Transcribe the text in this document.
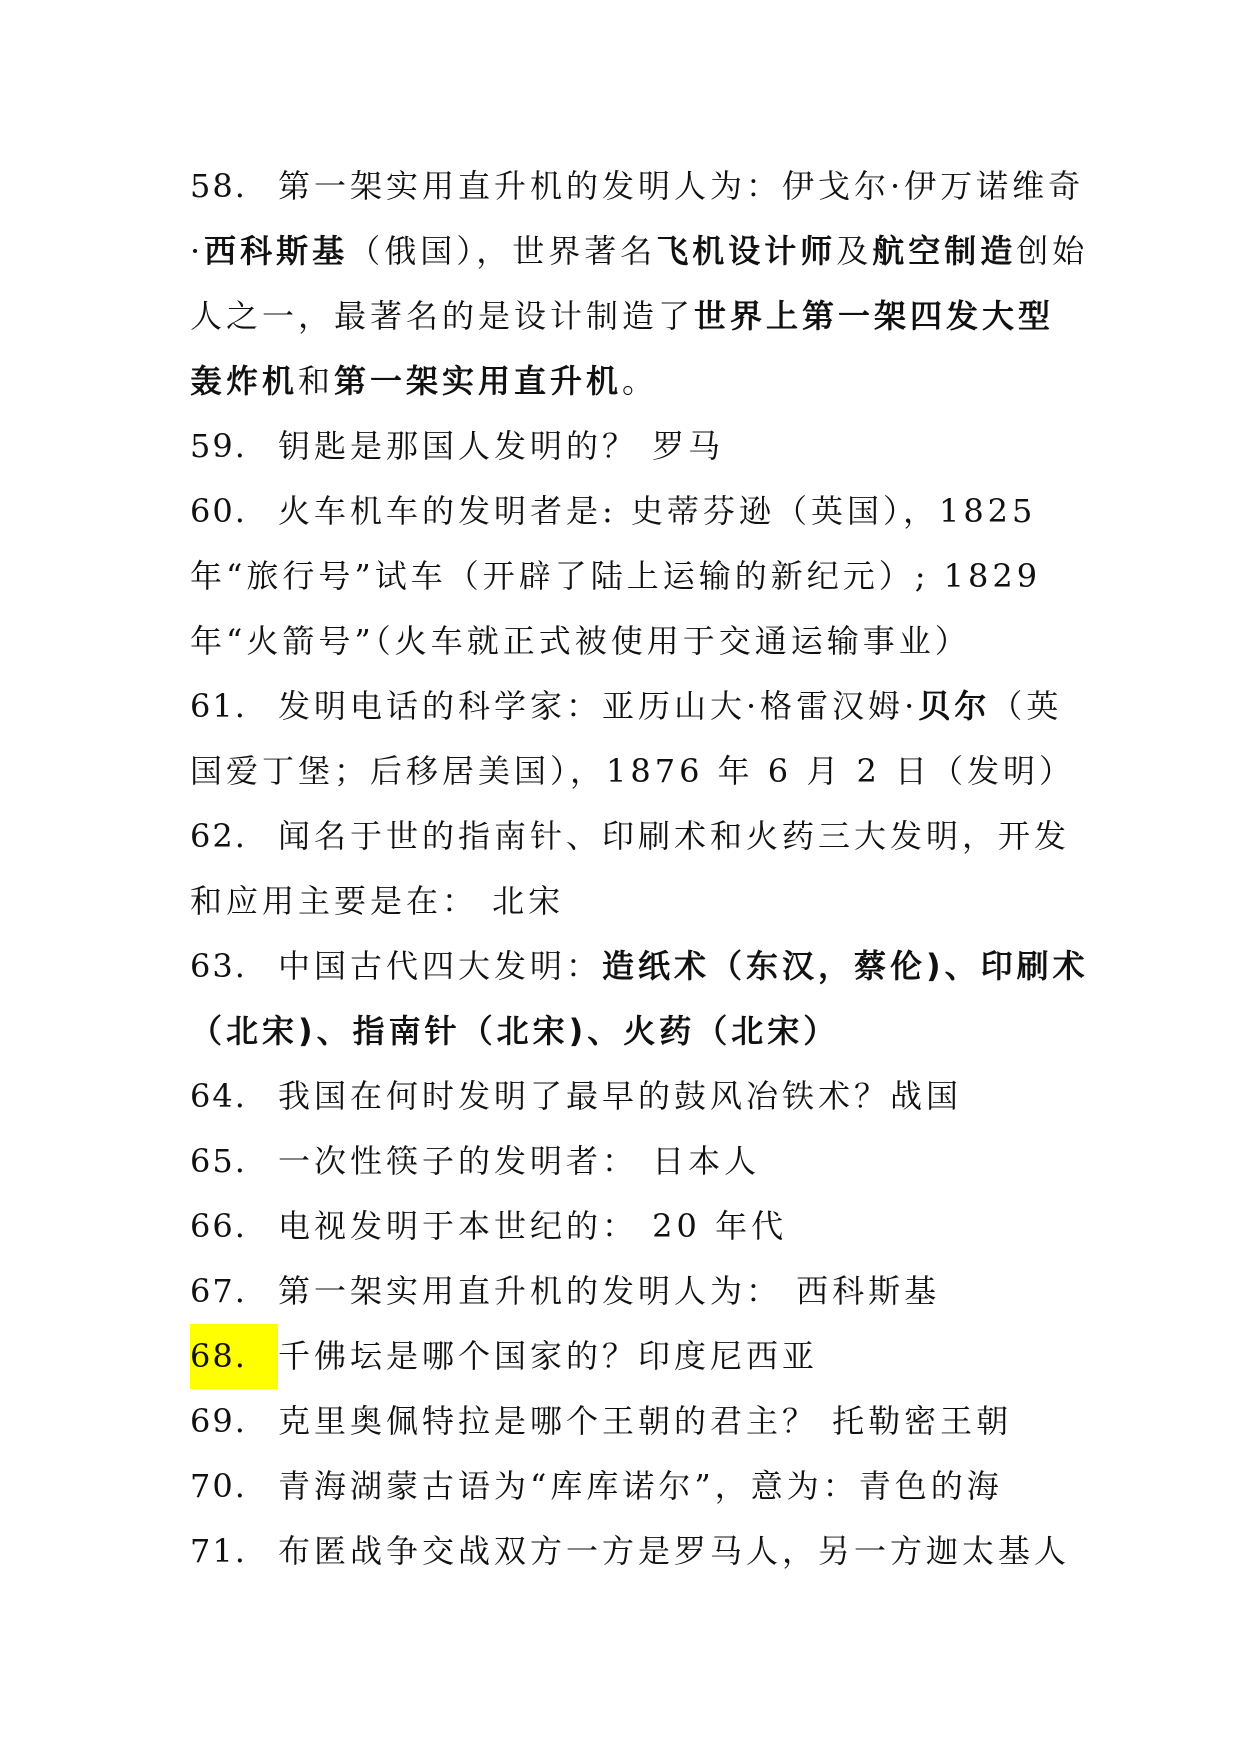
58. 第一架实用直升机的发明人为：伊戈尔·伊万诺维奇·西科斯基（俄国），世界著名飞机设计师及航空制造创始人之一，最著名的是设计制造了世界上第一架四发大型轰炸机和第一架实用直升机。

59. 钥匙是那国人发明的？ 罗马

60. 火车机车的发明者是: 史蒂芬逊（英国），1825 年“旅行号”试车（开辟了陆上运输的新纪元）; 1829 年“火箭号”（火车就正式被使用于交通运输事业）

61. 发明电话的科学家：亚历山大·格雷汉姆·贝尔（英国爱丁堡；后移居美国），1876 年 6 月 2 日（发明）

62. 闻名于世的指南针、印刷术和火药三大发明，开发和应用主要是在： 北宋

63. 中国古代四大发明：造纸术（东汉，蔡伦)、印刷术（北宋)、指南针（北宋)、火药（北宋）

64. 我国在何时发明了最早的鼓风冶铁术？战国

65. 一次性筷子的发明者： 日本人

66. 电视发明于本世纪的： 20 年代

67. 第一架实用直升机的发明人为： 西科斯基

68. 千佛坛是哪个国家的？印度尼西亚

69. 克里奥佩特拉是哪个王朝的君主？ 托勒密王朝

70. 青海湖蒙古语为“库库诺尔”，意为：青色的海

71. 布匿战争交战双方一方是罗马人，另一方迦太基人
